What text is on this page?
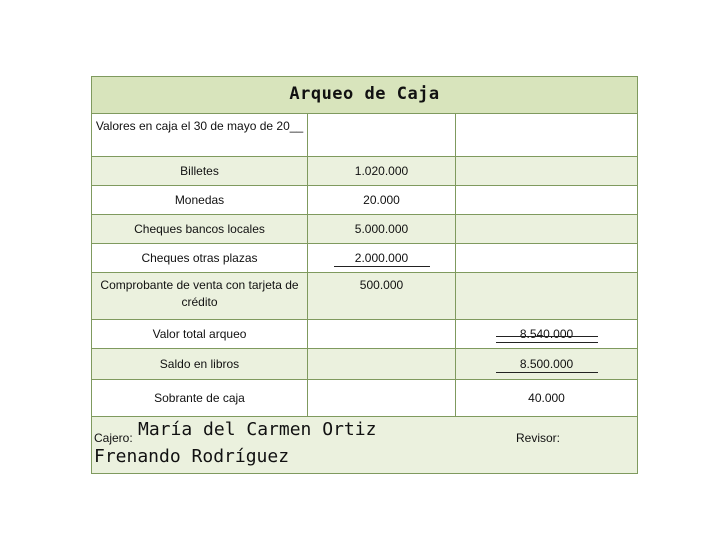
Arqueo de Caja		
Valores en caja el 30 de mayo de 20__		
Billetes	1.020.000	
Monedas	20.000	
Cheques bancos locales	5.000.000	
Cheques otras plazas	2.000.000	
Comprobante de venta con tarjeta de crédito	500.000	
Valor total arqueo		8.540.000
Saldo en libros		8.500.000
Sobrante de caja		40.000

Cajero: María del Carmen Ortiz
Frenando Rodríguez
Revisor:		
